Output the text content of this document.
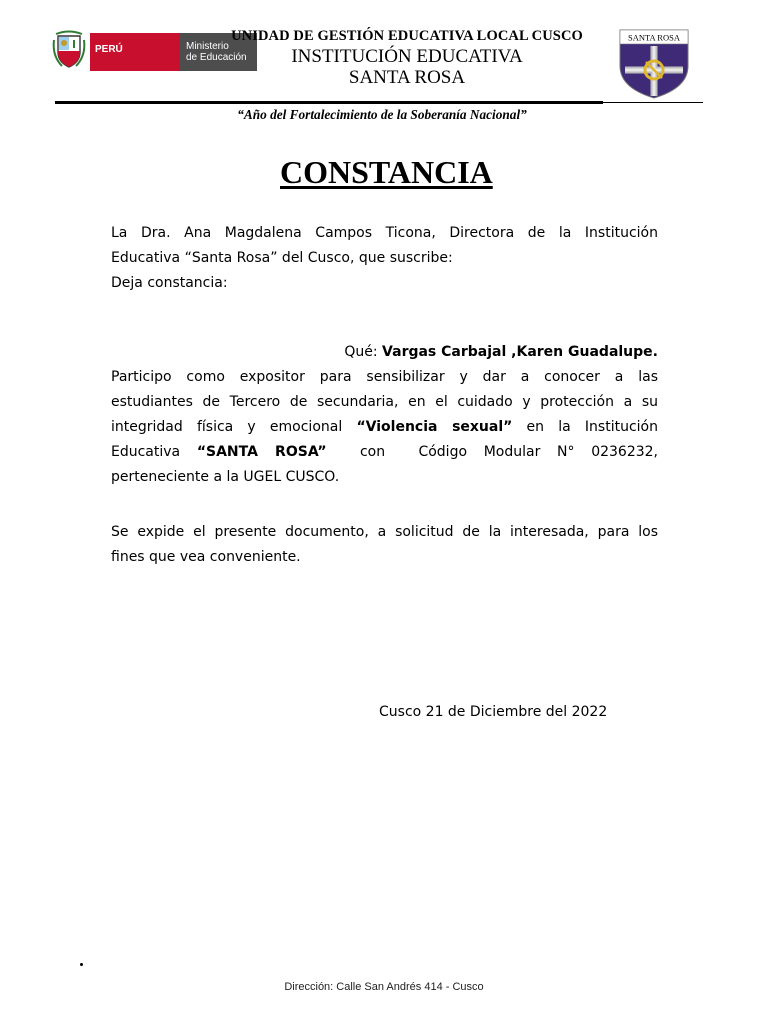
PERÚ	Ministerio
de Educación
UNIDAD DE GESTIÓN EDUCATIVA LOCAL CUSCO
INSTITUCIÓN EDUCATIVA
SANTA ROSA
SANTA ROSA
“Año del Fortalecimiento de la Soberanía Nacional”
CONSTANCIA
La Dra. Ana Magdalena Campos Ticona, Directora de la Institución
Educativa “Santa Rosa” del Cusco, que suscribe:
Deja constancia:
Qué: Vargas Carbajal ,Karen Guadalupe.
Participo como expositor para sensibilizar y dar a conocer a las
estudiantes de Tercero de secundaria, en el cuidado y protección a su
integridad física y emocional “Violencia sexual” en la Institución
Educativa “SANTA ROSA”  con  Código Modular N° 0236232,
perteneciente a la UGEL CUSCO.
Se expide el presente documento, a solicitud de la interesada, para los
fines que vea conveniente.
Cusco 21 de Diciembre del 2022
Dirección: Calle San Andrés 414 - Cusco
